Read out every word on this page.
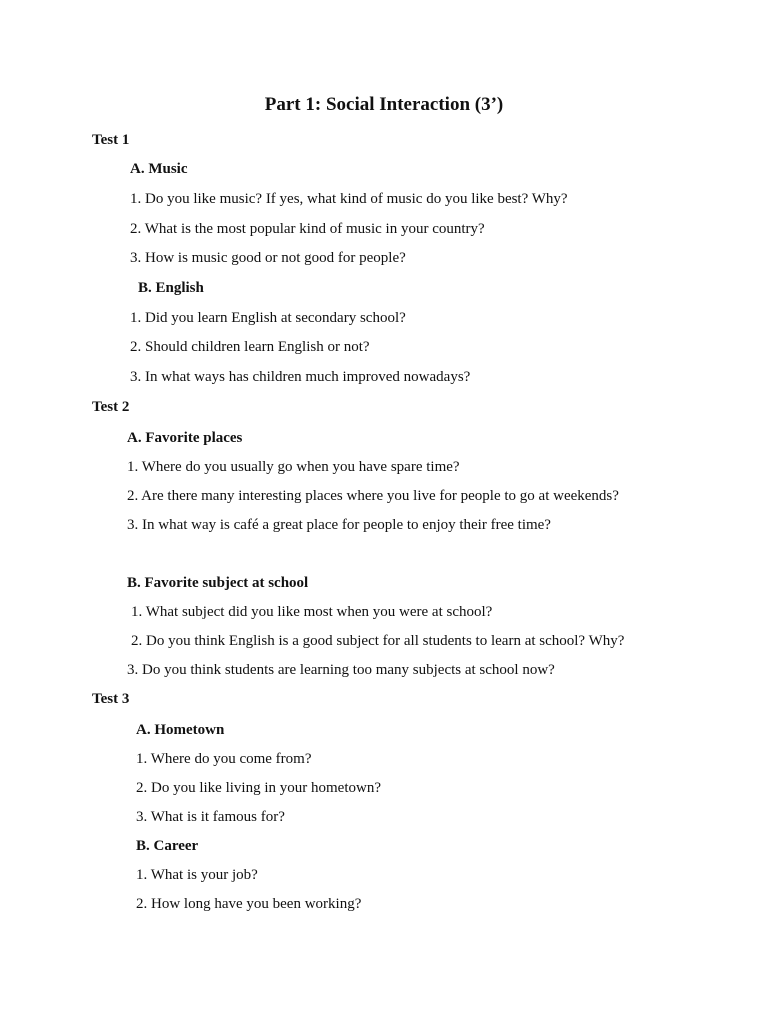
Part 1: Social Interaction (3’)
Test 1
A. Music
1. Do you like music? If yes, what kind of music do you like best? Why?
2. What is the most popular kind of music in your country?
3. How is music good or not good for people?
B. English
1. Did you learn English at secondary school?
2. Should children learn English or not?
3. In what ways has children much improved nowadays?
Test 2
A. Favorite places
1. Where do you usually go when you have spare time?
2. Are there many interesting places where you live for people to go at weekends?
3. In what way is café a great place for people to enjoy their free time?
B. Favorite subject at school
1. What subject did you like most when you were at school?
2. Do you think English is a good subject for all students to learn at school? Why?
3. Do you think students are learning too many subjects at school now?
Test 3
A. Hometown
1. Where do you come from?
2. Do you like living in your hometown?
3. What is it famous for?
B. Career
1. What is your job?
2. How long have you been working?
